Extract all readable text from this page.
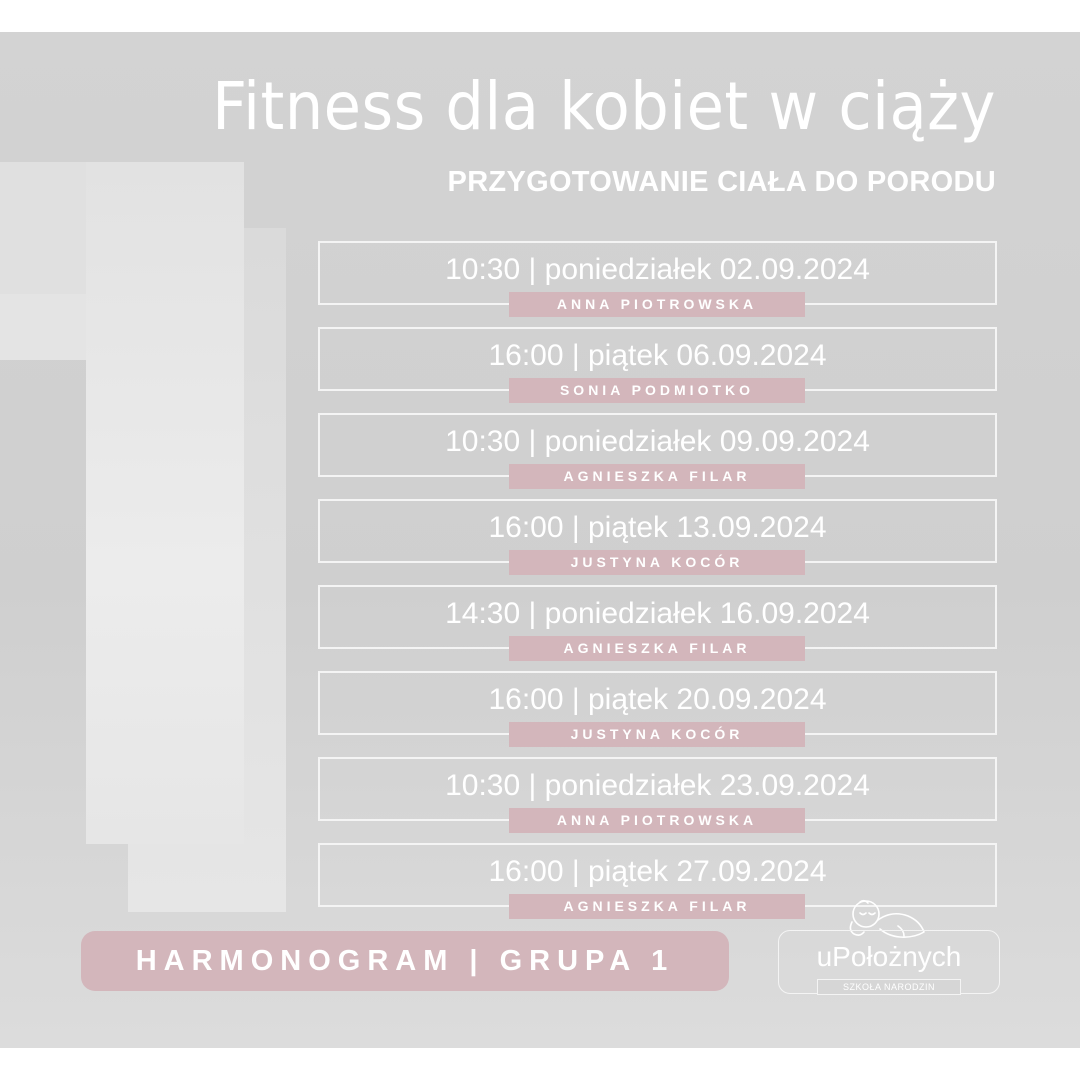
Fitness dla kobiet w ciąży
PRZYGOTOWANIE CIAŁA DO PORODU
10:30 | poniedziałek 02.09.2024
ANNA PIOTROWSKA
16:00 | piątek 06.09.2024
SONIA PODMIOTKO
10:30 | poniedziałek 09.09.2024
AGNIESZKA FILAR
16:00 | piątek 13.09.2024
JUSTYNA KOCÓR
14:30 | poniedziałek 16.09.2024
AGNIESZKA FILAR
16:00 | piątek 20.09.2024
JUSTYNA KOCÓR
10:30 | poniedziałek 23.09.2024
ANNA PIOTROWSKA
16:00 | piątek 27.09.2024
AGNIESZKA FILAR
HARMONOGRAM | GRUPA 1	uPołożnych
SZKOŁA NARODZIN
